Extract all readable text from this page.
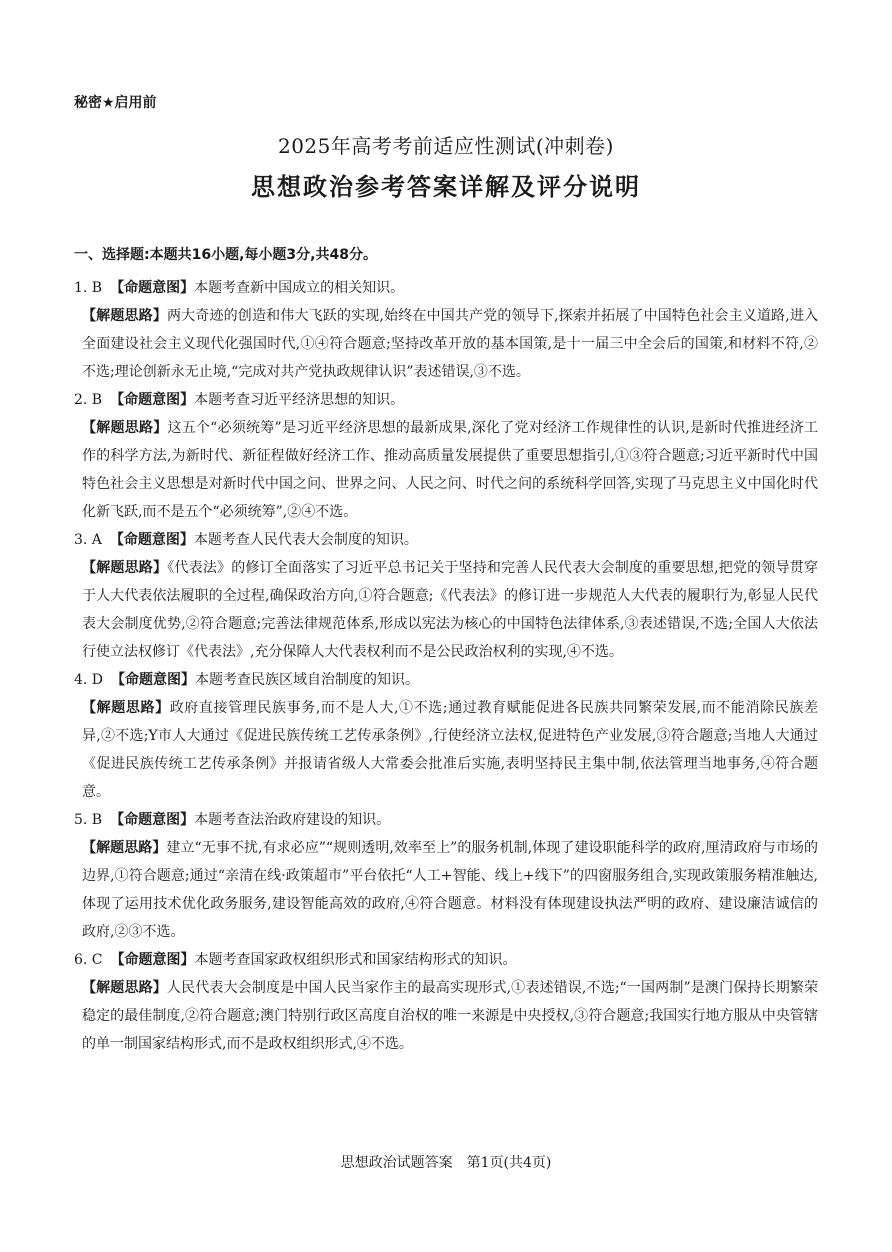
秘密★启用前
2025年高考考前适应性测试(冲刺卷)
思想政治参考答案详解及评分说明
一、选择题:本题共16小题,每小题3分,共48分。

1. B 【命题意图】本题考查新中国成立的相关知识。

【解题思路】两大奇迹的创造和伟大飞跃的实现,始终在中国共产党的领导下,探索并拓展了中国特色社会主义道路,进入全面建设社会主义现代化强国时代,①④符合题意;坚持改革开放的基本国策,是十一届三中全会后的国策,和材料不符,②不选;理论创新永无止境,“完成对共产党执政规律认识”表述错误,③不选。

2. B 【命题意图】本题考查习近平经济思想的知识。

【解题思路】这五个“必须统筹”是习近平经济思想的最新成果,深化了党对经济工作规律性的认识,是新时代推进经济工作的科学方法,为新时代、新征程做好经济工作、推动高质量发展提供了重要思想指引,①③符合题意;习近平新时代中国特色社会主义思想是对新时代中国之问、世界之问、人民之问、时代之问的系统科学回答,实现了马克思主义中国化时代化新飞跃,而不是五个“必须统筹”,②④不选。

3. A 【命题意图】本题考查人民代表大会制度的知识。

【解题思路】《代表法》的修订全面落实了习近平总书记关于坚持和完善人民代表大会制度的重要思想,把党的领导贯穿于人大代表依法履职的全过程,确保政治方向,①符合题意;《代表法》的修订进一步规范人大代表的履职行为,彰显人民代表大会制度优势,②符合题意;完善法律规范体系,形成以宪法为核心的中国特色法律体系,③表述错误,不选;全国人大依法行使立法权修订《代表法》,充分保障人大代表权利而不是公民政治权利的实现,④不选。

4. D 【命题意图】本题考查民族区域自治制度的知识。

【解题思路】政府直接管理民族事务,而不是人大,①不选;通过教育赋能促进各民族共同繁荣发展,而不能消除民族差异,②不选;Y市人大通过《促进民族传统工艺传承条例》,行使经济立法权,促进特色产业发展,③符合题意;当地人大通过《促进民族传统工艺传承条例》并报请省级人大常委会批准后实施,表明坚持民主集中制,依法管理当地事务,④符合题意。

5. B 【命题意图】本题考查法治政府建设的知识。

【解题思路】建立“无事不扰,有求必应”“规则透明,效率至上”的服务机制,体现了建设职能科学的政府,厘清政府与市场的边界,①符合题意;通过“亲清在线·政策超市”平台依托“人工+智能、线上+线下”的四窗服务组合,实现政策服务精准触达,体现了运用技术优化政务服务,建设智能高效的政府,④符合题意。材料没有体现建设执法严明的政府、建设廉洁诚信的政府,②③不选。

6. C 【命题意图】本题考查国家政权组织形式和国家结构形式的知识。

【解题思路】人民代表大会制度是中国人民当家作主的最高实现形式,①表述错误,不选;“一国两制”是澳门保持长期繁荣稳定的最佳制度,②符合题意;澳门特别行政区高度自治权的唯一来源是中央授权,③符合题意;我国实行地方服从中央管辖的单一制国家结构形式,而不是政权组织形式,④不选。

思想政治试题答案　第1页(共4页)
